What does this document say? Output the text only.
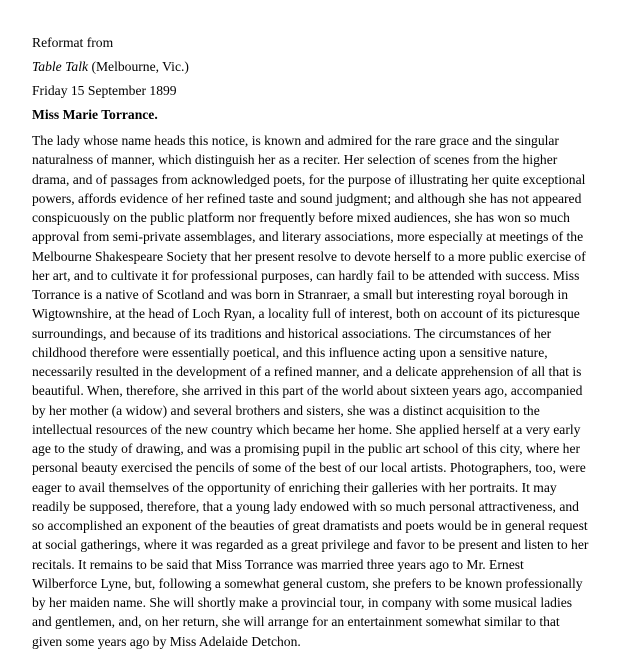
Reformat from

Table Talk (Melbourne, Vic.)

Friday 15 September 1899

Miss Marie Torrance.

The lady whose name heads this notice, is known and admired for the rare grace and the singular
naturalness of manner, which distinguish her as a reciter. Her selection of scenes from the higher
drama, and of passages from acknowledged poets, for the purpose of illustrating her quite exceptional
powers, affords evidence of her refined taste and sound judgment; and although she has not appeared
conspicuously on the public platform nor frequently before mixed audiences, she has won so much
approval from semi-private assemblages, and literary associations, more especially at meetings of the
Melbourne Shakespeare Society that her present resolve to devote herself to a more public exercise of
her art, and to cultivate it for professional purposes, can hardly fail to be attended with success. Miss
Torrance is a native of Scotland and was born in Stranraer, a small but interesting royal borough in
Wigtownshire, at the head of Loch Ryan, a locality full of interest, both on account of its picturesque
surroundings, and because of its traditions and historical associations. The circumstances of her
childhood therefore were essentially poetical, and this influence acting upon a sensitive nature,
necessarily resulted in the development of a refined manner, and a delicate apprehension of all that is
beautiful. When, therefore, she arrived in this part of the world about sixteen years ago, accompanied
by her mother (a widow) and several brothers and sisters, she was a distinct acquisition to the
intellectual resources of the new country which became her home. She applied herself at a very early
age to the study of drawing, and was a promising pupil in the public art school of this city, where her
personal beauty exercised the pencils of some of the best of our local artists. Photographers, too, were
eager to avail themselves of the opportunity of enriching their galleries with her portraits. It may
readily be supposed, therefore, that a young lady endowed with so much personal attractiveness, and
so accomplished an exponent of the beauties of great dramatists and poets would be in general request
at social gatherings, where it was regarded as a great privilege and favor to be present and listen to her
recitals. It remains to be said that Miss Torrance was married three years ago to Mr. Ernest
Wilberforce Lyne, but, following a somewhat general custom, she prefers to be known professionally
by her maiden name. She will shortly make a provincial tour, in company with some musical ladies
and gentlemen, and, on her return, she will arrange for an entertainment somewhat similar to that
given some years ago by Miss Adelaide Detchon.
